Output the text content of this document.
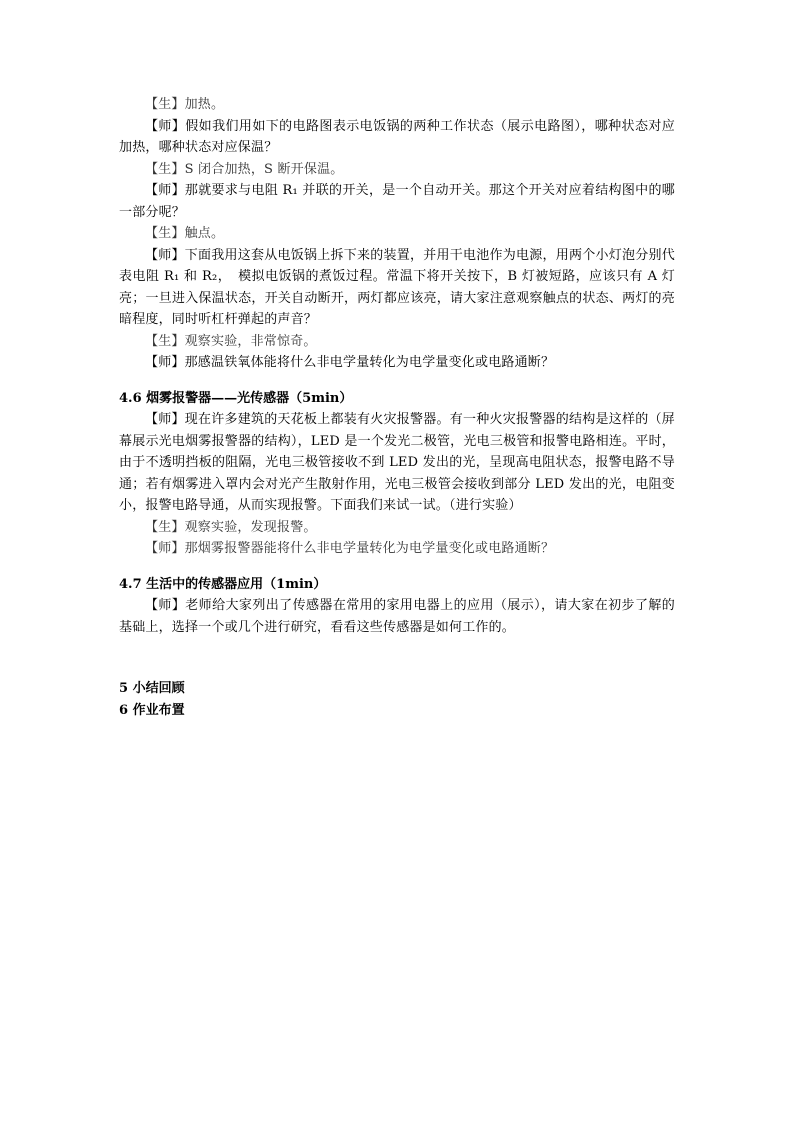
【生】加热。

【师】假如我们用如下的电路图表示电饭锅的两种工作状态（展示电路图），哪种状态对应加热，哪种状态对应保温？

【生】S 闭合加热，S 断开保温。

【师】那就要求与电阻 R₁ 并联的开关，是一个自动开关。那这个开关对应着结构图中的哪一部分呢？

【生】触点。

【师】下面我用这套从电饭锅上拆下来的装置，并用干电池作为电源，用两个小灯泡分别代表电阻 R₁ 和 R₂，　模拟电饭锅的煮饭过程。常温下将开关按下，B 灯被短路，应该只有 A 灯亮；一旦进入保温状态，开关自动断开，两灯都应该亮，请大家注意观察触点的状态、两灯的亮暗程度，同时听杠杆弹起的声音？

【生】观察实验，非常惊奇。

【师】那感温铁氧体能将什么非电学量转化为电学量变化或电路通断？

4.6 烟雾报警器——光传感器（5min）

【师】现在许多建筑的天花板上都装有火灾报警器。有一种火灾报警器的结构是这样的（屏幕展示光电烟雾报警器的结构），LED 是一个发光二极管，光电三极管和报警电路相连。平时，由于不透明挡板的阻隔，光电三极管接收不到 LED 发出的光，呈现高电阻状态，报警电路不导通；若有烟雾进入罩内会对光产生散射作用，光电三极管会接收到部分 LED 发出的光，电阻变小，报警电路导通，从而实现报警。下面我们来试一试。（进行实验）

【生】观察实验，发现报警。

【师】那烟雾报警器能将什么非电学量转化为电学量变化或电路通断？

4.7 生活中的传感器应用（1min）

【师】老师给大家列出了传感器在常用的家用电器上的应用（展示），请大家在初步了解的基础上，选择一个或几个进行研究，看看这些传感器是如何工作的。

5 小结回顾
6 作业布置
